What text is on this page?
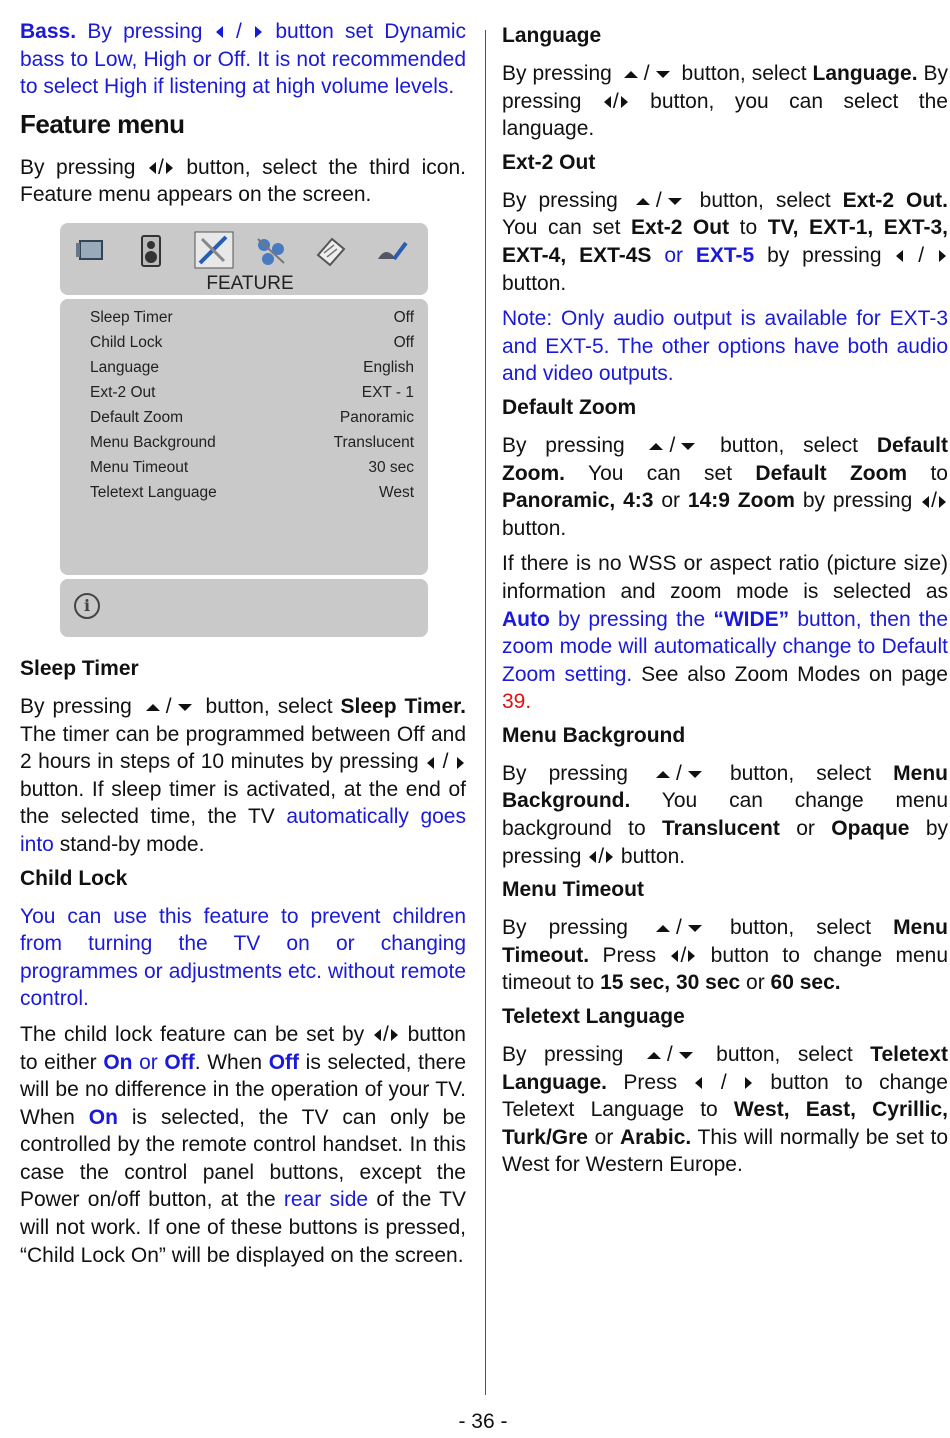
Bass. By pressing  /  button set Dynamic bass to Low, High or Off. It is not recommended to select High if listening at high volume levels.

Feature menu

By pressing / button, select the third icon. Feature menu appears on the screen.

FEATURE
Sleep Timer	Off
Child Lock	Off
Language	English
Ext-2 Out	EXT - 1
Default Zoom	Panoramic
Menu Background	Translucent
Menu Timeout	30 sec
Teletext Language	West
i
Sleep Timer

By pressing / button, select Sleep Timer. The timer can be programmed between Off and 2 hours in steps of 10 minutes by pressing  /  button. If sleep timer is activated, at the end of the selected time, the TV automatically goes into stand-by mode.

Child Lock

You can use this feature to prevent children from turning the TV on or changing programmes or adjustments etc. without remote control.

The child lock feature can be set by / button to either On or Off. When Off is selected, there will be no difference in the operation of your TV. When On is selected, the TV can only be controlled by the remote control handset. In this case the control panel buttons, except the Power on/off button, at the rear side of the TV will not work. If one of these buttons is pressed, “Child Lock On” will be displayed on the screen.

Language

By pressing / button, select Language. By pressing / button, you can select the language.

Ext-2 Out

By pressing / button, select Ext-2 Out. You can set Ext-2 Out to TV, EXT-1, EXT-3, EXT-4, EXT-4S or EXT-5 by pressing  /  button.

Note: Only audio output is available for EXT-3 and EXT-5. The other options have both audio and video outputs.

Default Zoom

By pressing / button, select Default Zoom. You can set Default Zoom to Panoramic, 4:3 or 14:9 Zoom by pressing / button.

If there is no WSS or aspect ratio (picture size) information and zoom mode is selected as Auto by pressing the “WIDE” button, then the zoom mode will automatically change to Default Zoom setting. See also Zoom Modes on page 39.

Menu Background

By pressing / button, select Menu Background. You can change menu background to Translucent or Opaque by pressing / button.

Menu Timeout

By pressing / button, select Menu Timeout. Press / button to change menu timeout to 15 sec, 30 sec or 60 sec.

Teletext Language

By pressing / button, select Teletext Language. Press  /  button to change Teletext Language to West, East, Cyrillic, Turk/Gre or Arabic. This will normally be set to West for Western Europe.

- 36 -
